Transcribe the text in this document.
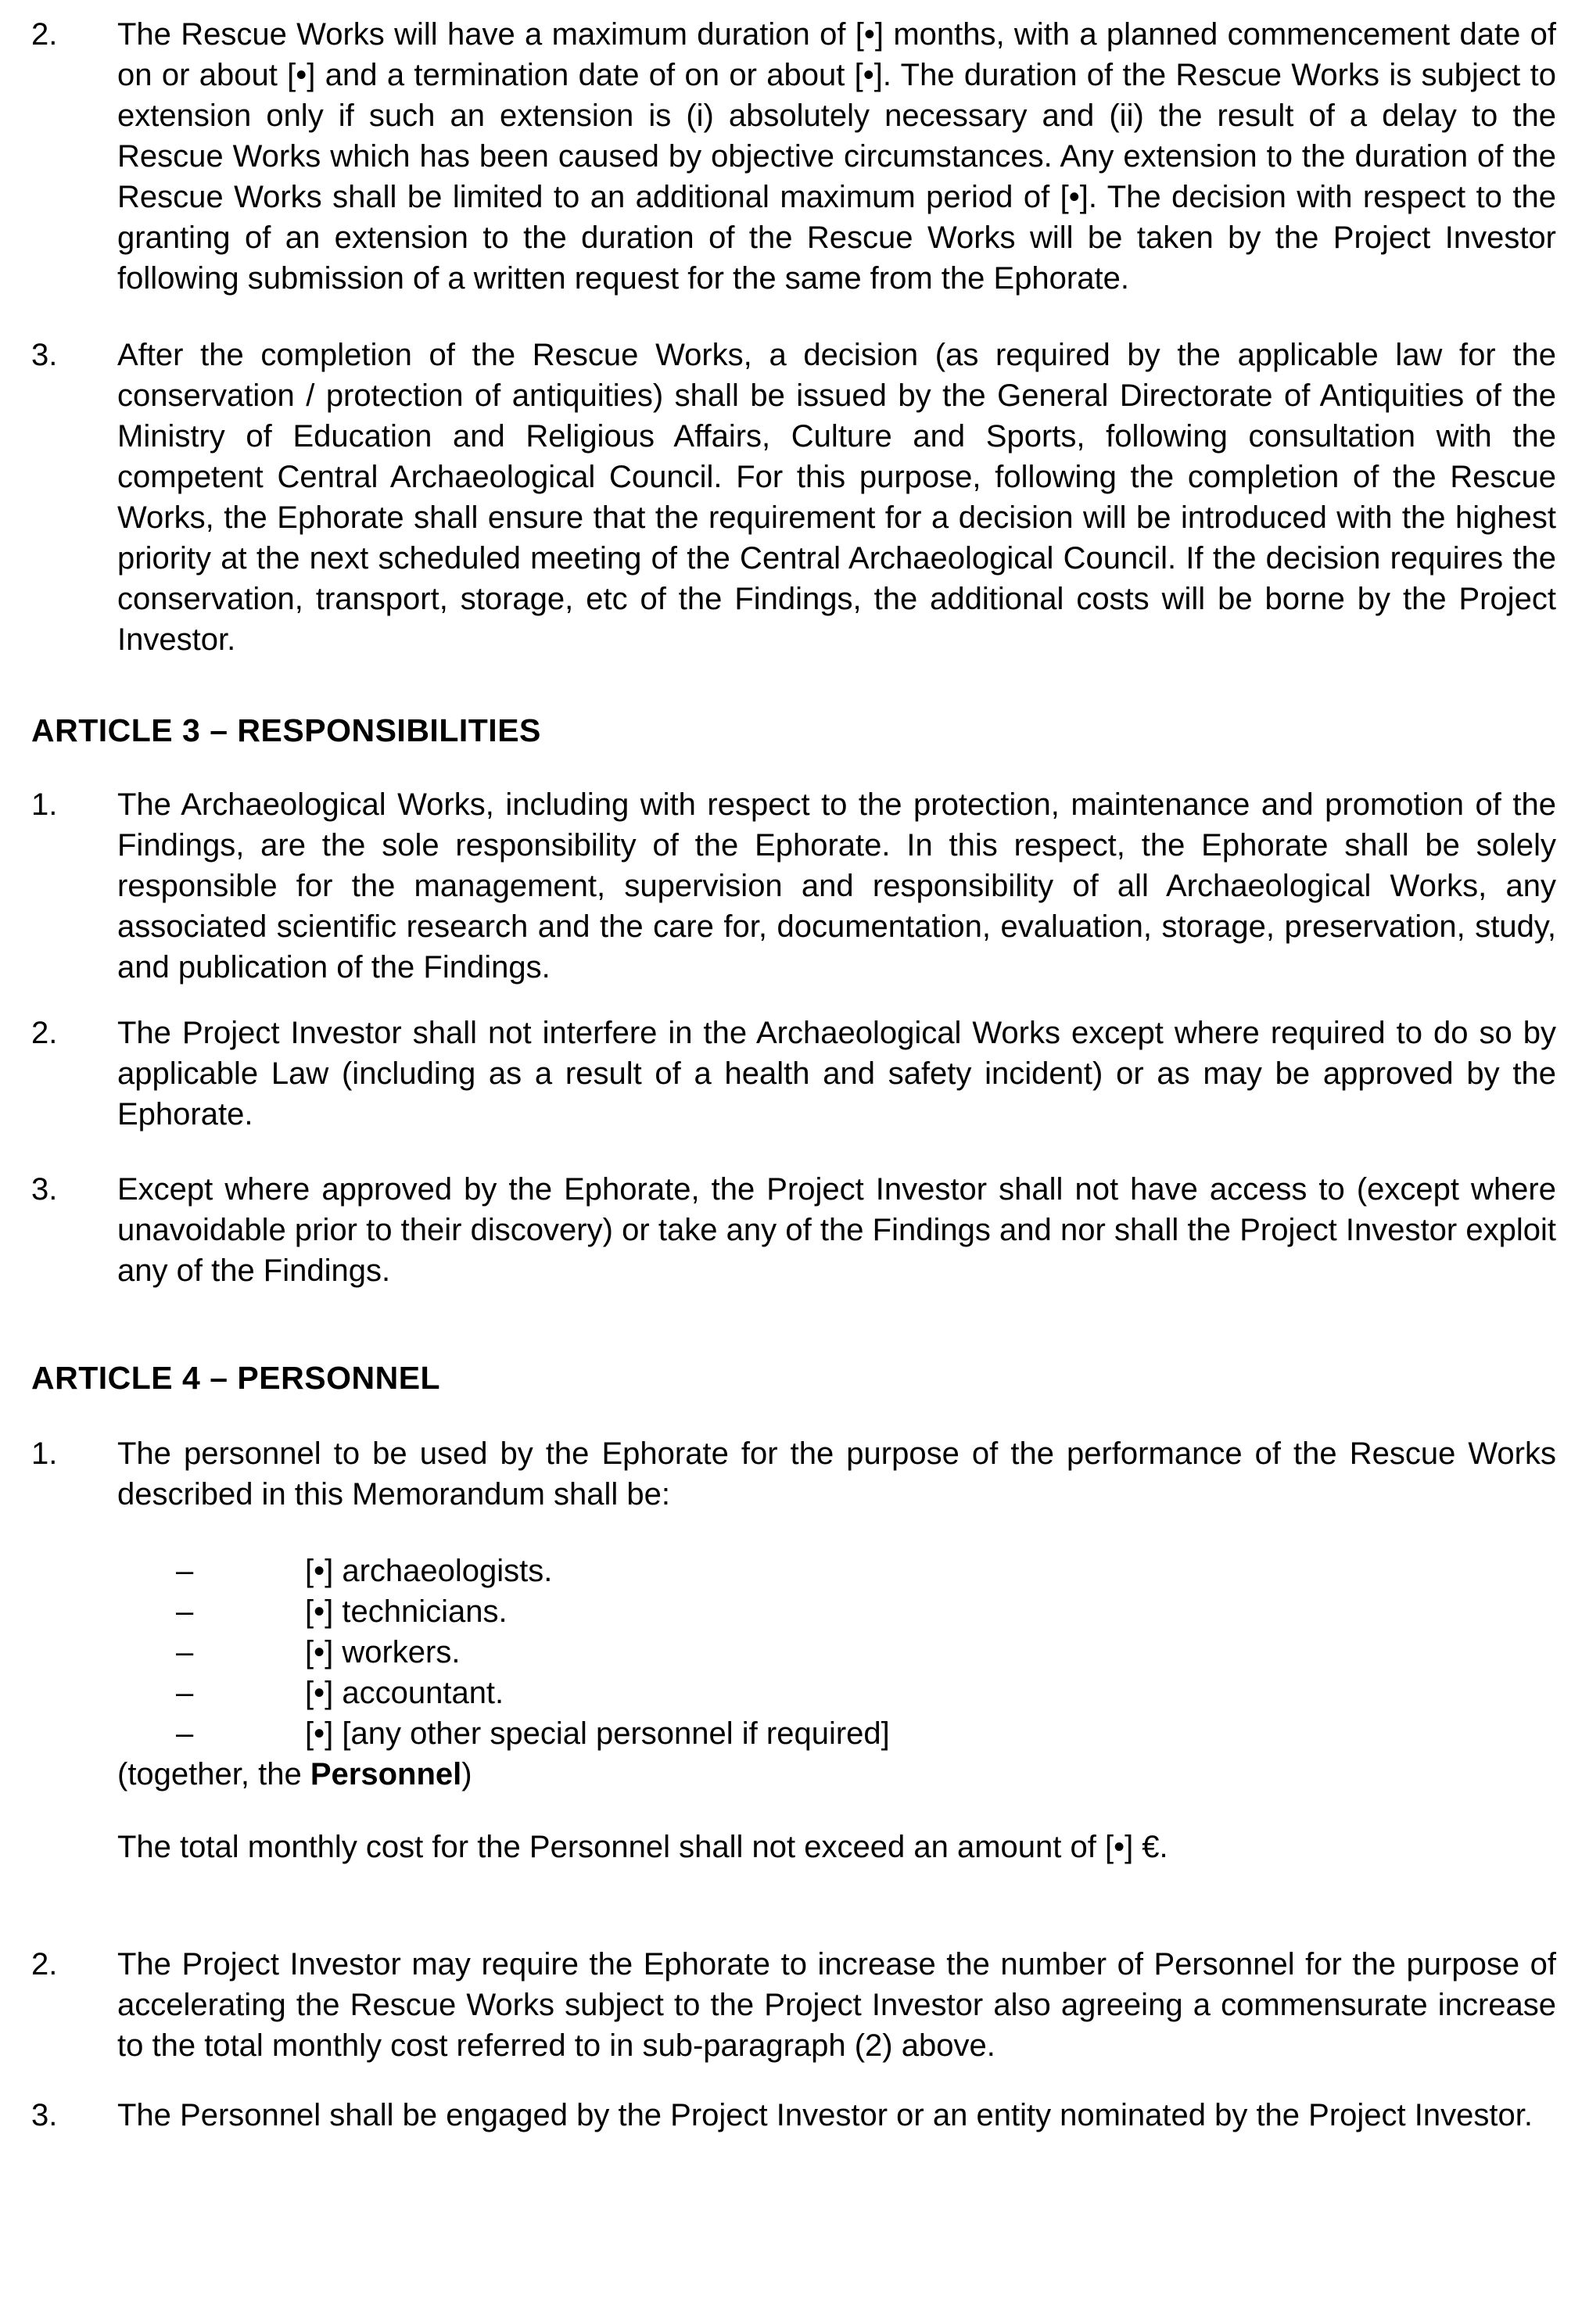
2. The Rescue Works will have a maximum duration of [•] months, with a planned commencement date of on or about [•] and a termination date of on or about [•]. The duration of the Rescue Works is subject to extension only if such an extension is (i) absolutely necessary and (ii) the result of a delay to the Rescue Works which has been caused by objective circumstances. Any extension to the duration of the Rescue Works shall be limited to an additional maximum period of [•]. The decision with respect to the granting of an extension to the duration of the Rescue Works will be taken by the Project Investor following submission of a written request for the same from the Ephorate.
3. After the completion of the Rescue Works, a decision (as required by the applicable law for the conservation / protection of antiquities) shall be issued by the General Directorate of Antiquities of the Ministry of Education and Religious Affairs, Culture and Sports, following consultation with the competent Central Archaeological Council. For this purpose, following the completion of the Rescue Works, the Ephorate shall ensure that the requirement for a decision will be introduced with the highest priority at the next scheduled meeting of the Central Archaeological Council. If the decision requires the conservation, transport, storage, etc of the Findings, the additional costs will be borne by the Project Investor.
ARTICLE 3 – RESPONSIBILITIES
1. The Archaeological Works, including with respect to the protection, maintenance and promotion of the Findings, are the sole responsibility of the Ephorate. In this respect, the Ephorate shall be solely responsible for the management, supervision and responsibility of all Archaeological Works, any associated scientific research and the care for, documentation, evaluation, storage, preservation, study, and publication of the Findings.
2. The Project Investor shall not interfere in the Archaeological Works except where required to do so by applicable Law (including as a result of a health and safety incident) or as may be approved by the Ephorate.
3. Except where approved by the Ephorate, the Project Investor shall not have access to (except where unavoidable prior to their discovery) or take any of the Findings and nor shall the Project Investor exploit any of the Findings.
ARTICLE 4 – PERSONNEL
1. The personnel to be used by the Ephorate for the purpose of the performance of the Rescue Works described in this Memorandum shall be:
–	[•] archaeologists.
–	[•] technicians.
–	[•] workers.
–	[•] accountant.
–	[•] [any other special personnel if required]
(together, the Personnel)
The total monthly cost for the Personnel shall not exceed an amount of [•] €.
2. The Project Investor may require the Ephorate to increase the number of Personnel for the purpose of accelerating the Rescue Works subject to the Project Investor also agreeing a commensurate increase to the total monthly cost referred to in sub-paragraph (2) above.
3. The Personnel shall be engaged by the Project Investor or an entity nominated by the Project Investor.
